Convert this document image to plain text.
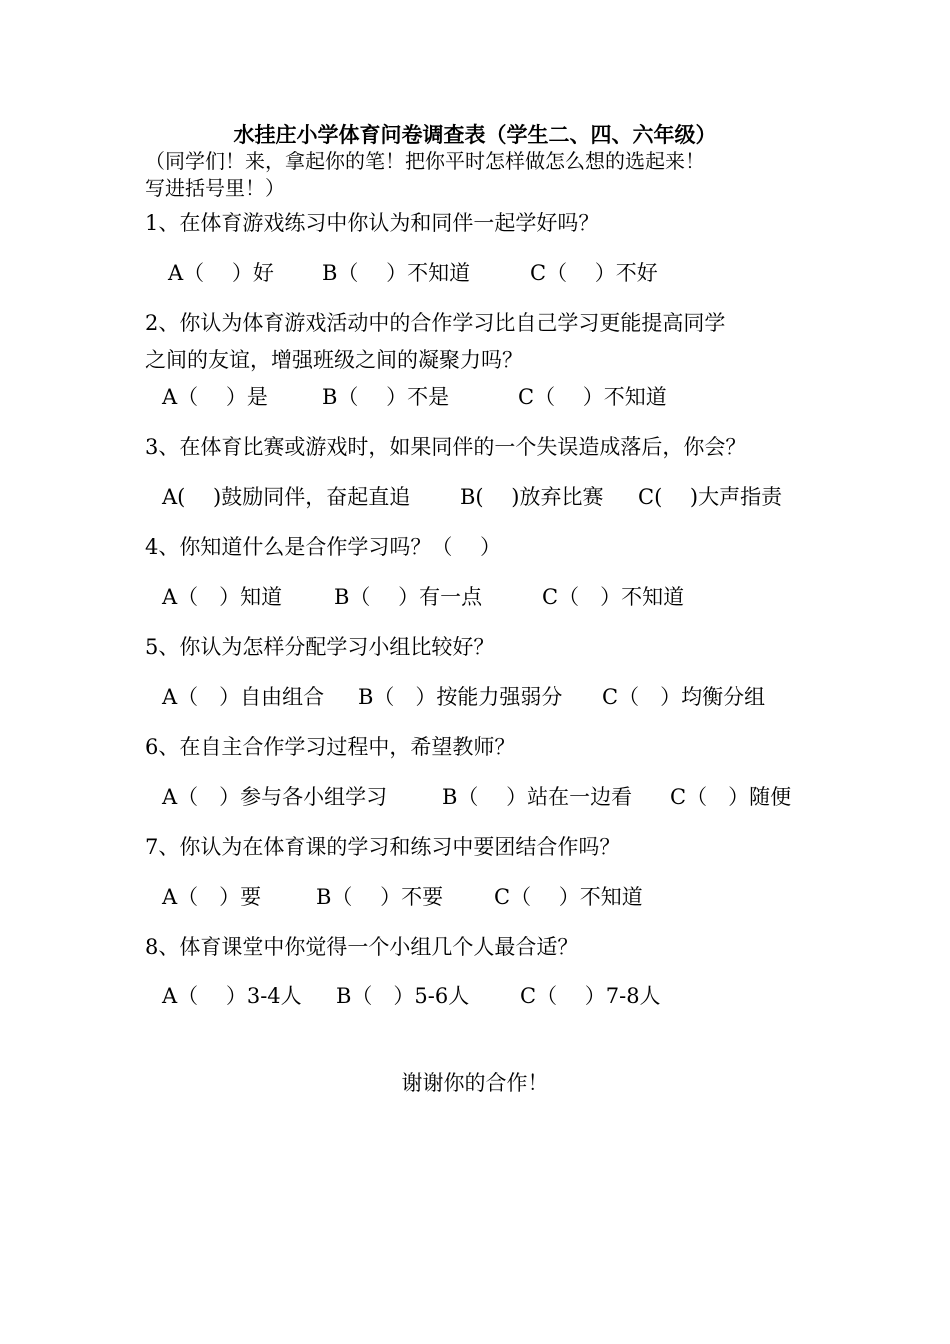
水挂庄小学体育问卷调查表（学生二、四、六年级）
（同学们！来，拿起你的笔！把你平时怎样做怎么想的选起来！
写进括号里！）
1、在体育游戏练习中你认为和同伴一起学好吗？
A（　 ）好 B（　 ）不知道	C（　 ）不好
2、你认为体育游戏活动中的合作学习比自己学习更能提高同学
之间的友谊，增强班级之间的凝聚力吗？
A（　 ）是	B（　 ）不是	C（　 ）不知道
3、在体育比赛或游戏时，如果同伴的一个失误造成落后，你会？
A(　 )鼓励同伴，奋起直追 B(　 )放弃比赛 C(　 )大声指责
4、你知道什么是合作学习吗？（　 ）
A（　）知道 B（　 ）有一点	C（　）不知道
5、你认为怎样分配学习小组比较好？
A（　）自由组合 B（　）按能力强弱分 C（　）均衡分组
6、在自主合作学习过程中，希望教师？
A（　）参与各小组学习	B（　 ）站在一边看 C（　）随便
7、你认为在体育课的学习和练习中要团结合作吗？
A（　）要	B（　 ）不要 C（　 ）不知道
8、体育课堂中你觉得一个小组几个人最合适？
A（　 ）3-4人 B（　）5-6人 C（　 ）7-8人
谢谢你的合作！
